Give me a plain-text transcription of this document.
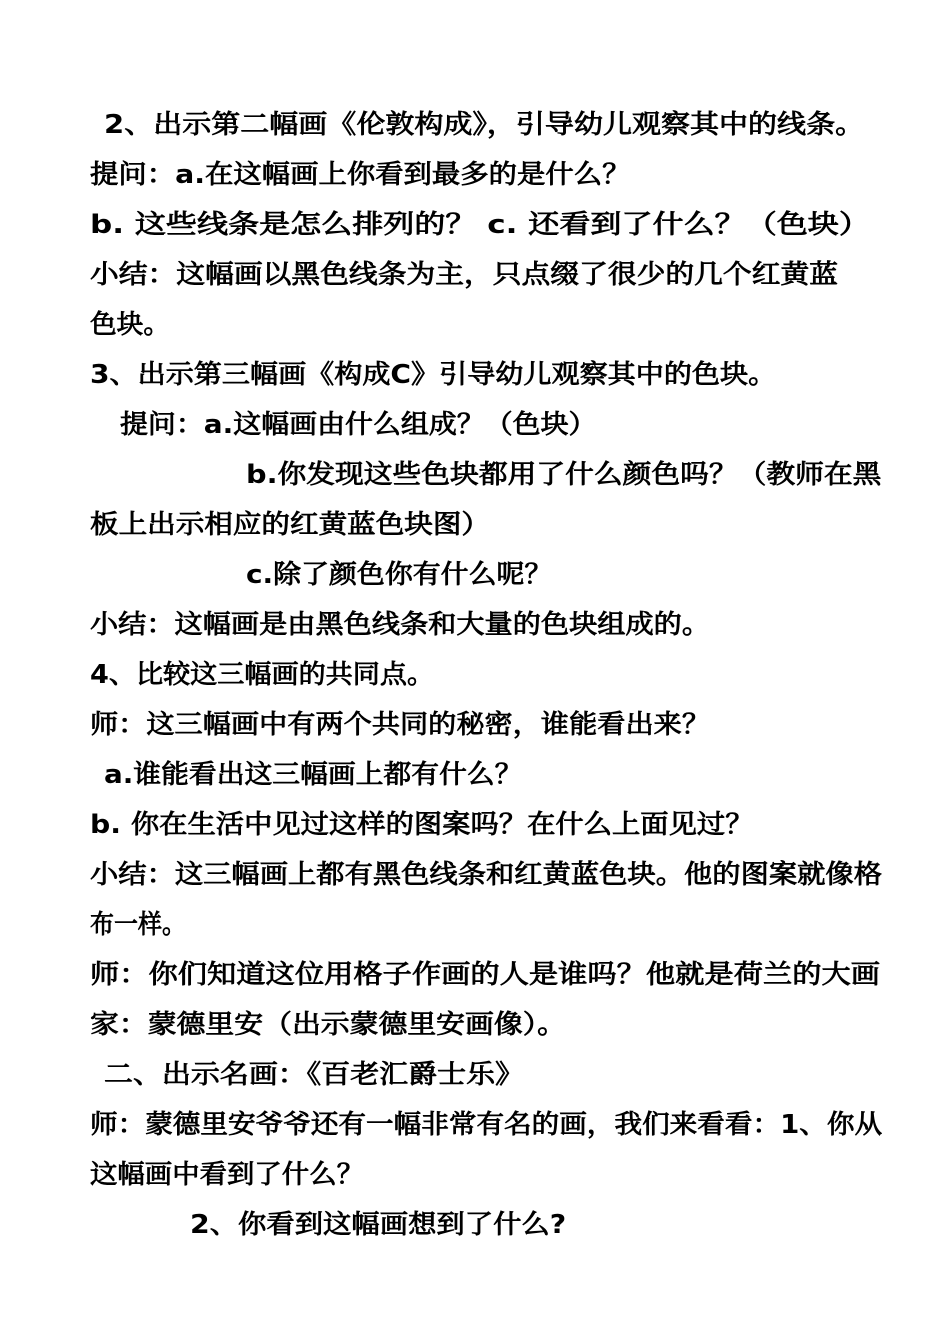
2、出示第二幅画《伦敦构成》，引导幼儿观察其中的线条。
提问：a.在这幅画上你看到最多的是什么？
b. 这些线条是怎么排列的？ c. 还看到了什么？（色块）
小结：这幅画以黑色线条为主，只点缀了很少的几个红黄蓝
色块。
3、出示第三幅画《构成C》引导幼儿观察其中的色块。
提问：a.这幅画由什么组成？（色块）
b.你发现这些色块都用了什么颜色吗？（教师在黑
板上出示相应的红黄蓝色块图）
c.除了颜色你有什么呢？
小结：这幅画是由黑色线条和大量的色块组成的。
4、比较这三幅画的共同点。
师：这三幅画中有两个共同的秘密，谁能看出来？
a.谁能看出这三幅画上都有什么？
b. 你在生活中见过这样的图案吗？在什么上面见过？
小结：这三幅画上都有黑色线条和红黄蓝色块。他的图案就像格
布一样。
师：你们知道这位用格子作画的人是谁吗？他就是荷兰的大画
家：蒙德里安（出示蒙德里安画像）。
二、出示名画：《百老汇爵士乐》
师：蒙德里安爷爷还有一幅非常有名的画，我们来看看：1、你从
这幅画中看到了什么？
2、你看到这幅画想到了什么?
